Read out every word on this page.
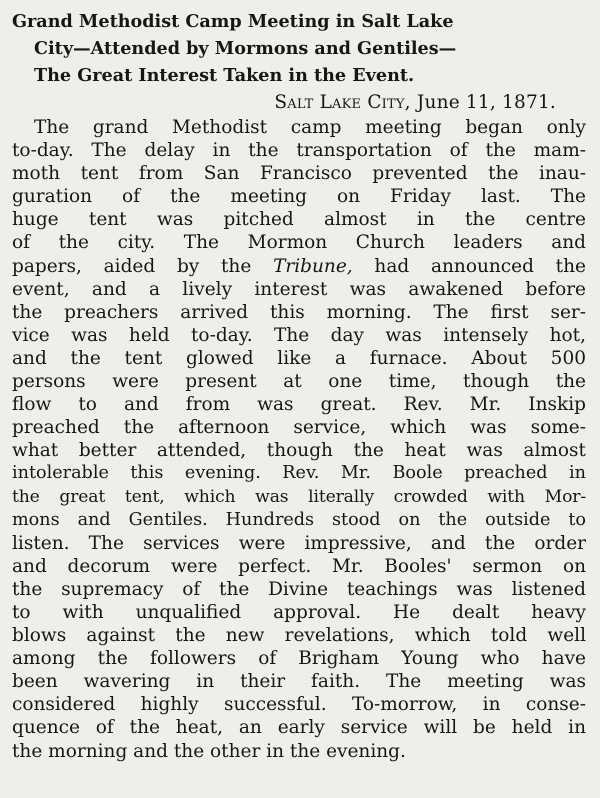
Grand Methodist Camp Meeting in Salt Lake
City—Attended by Mormons and Gentiles—
The Great Interest Taken in the Event.

Salt Lake City, June 11, 1871.

The grand Methodist camp meeting began only
to-day. The delay in the transportation of the mam-
moth tent from San Francisco prevented the inau-
guration of the meeting on Friday last. The
huge tent was pitched almost in the centre
of the city. The Mormon Church leaders and
papers, aided by the Tribune, had announced the
event, and a lively interest was awakened before
the preachers arrived this morning. The first ser-
vice was held to-day. The day was intensely hot,
and the tent glowed like a furnace. About 500
persons were present at one time, though the
flow to and from was great. Rev. Mr. Inskip
preached the afternoon service, which was some-
what better attended, though the heat was almost
intolerable this evening. Rev. Mr. Boole preached in
the great tent, which was literally crowded with Mor-
mons and Gentiles. Hundreds stood on the outside to
listen. The services were impressive, and the order
and decorum were perfect. Mr. Booles' sermon on
the supremacy of the Divine teachings was listened
to with unqualified approval. He dealt heavy
blows against the new revelations, which told well
among the followers of Brigham Young who have
been wavering in their faith. The meeting was
considered highly successful. To-morrow, in conse-
quence of the heat, an early service will be held in
the morning and the other in the evening.
